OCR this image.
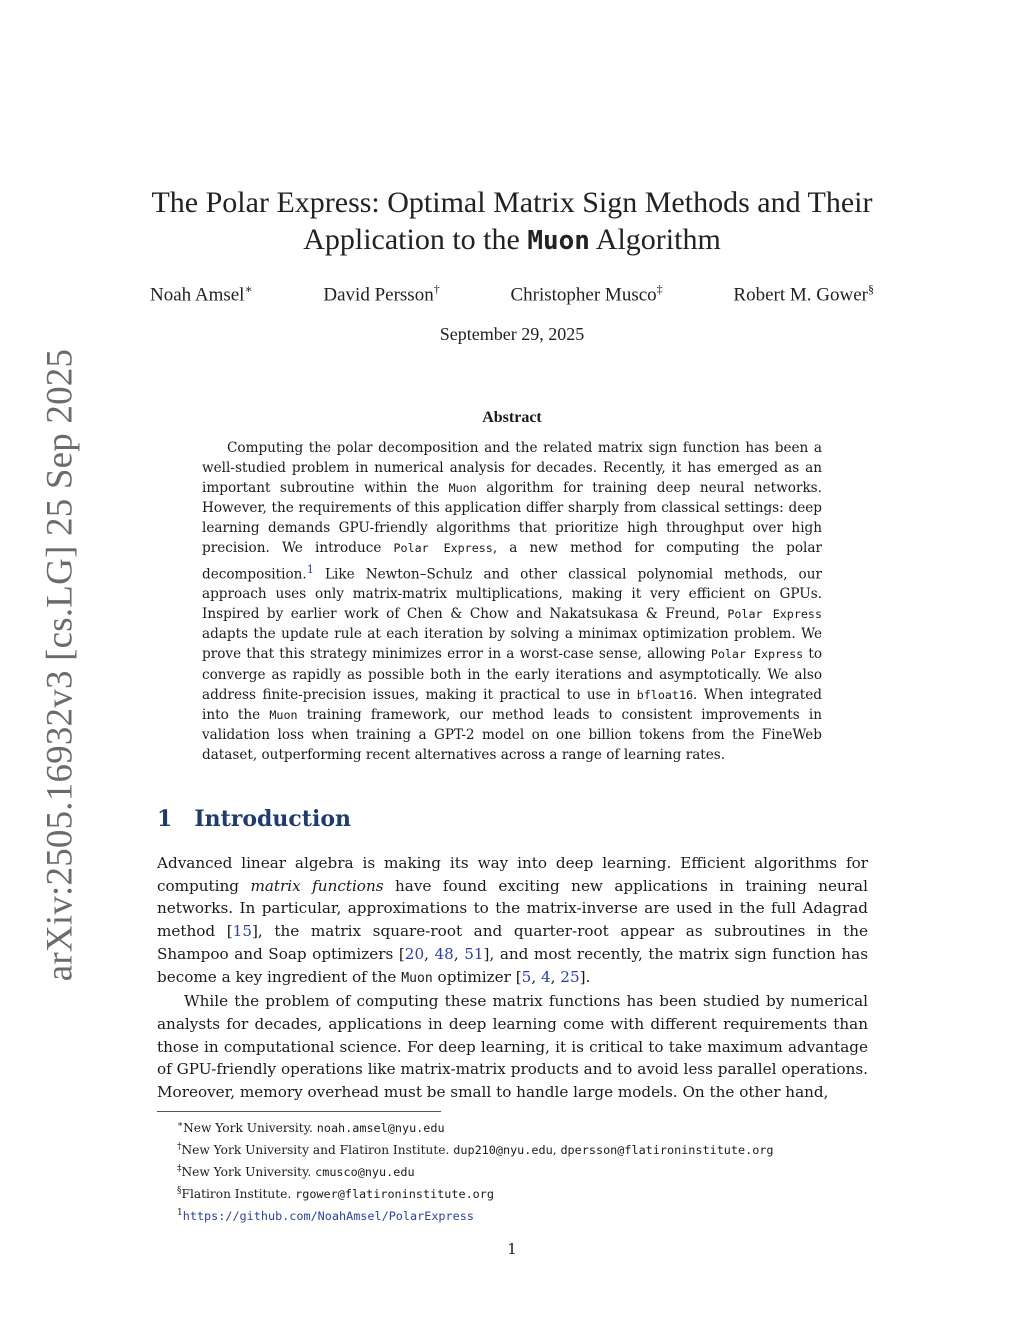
arXiv:2505.16932v3 [cs.LG] 25 Sep 2025
The Polar Express: Optimal Matrix Sign Methods and Their
Application to the Muon Algorithm
Noah Amsel∗	David Persson†	Christopher Musco‡	Robert M. Gower§
September 29, 2025
Abstract

Computing the polar decomposition and the related matrix sign function has been a well-studied problem in numerical analysis for decades. Recently, it has emerged as an important subroutine within the Muon algorithm for training deep neural networks. However, the requirements of this application differ sharply from classical settings: deep learning demands GPU-friendly algorithms that prioritize high throughput over high precision. We introduce Polar Express, a new method for computing the polar decomposition.$^1$ Like Newton–Schulz and other classical polynomial methods, our approach uses only matrix-matrix multiplications, making it very efficient on GPUs. Inspired by earlier work of Chen & Chow and Nakatsukasa & Freund, Polar Express adapts the update rule at each iteration by solving a minimax optimization problem. We prove that this strategy minimizes error in a worst-case sense, allowing Polar Express to converge as rapidly as possible both in the early iterations and asymptotically. We also address finite-precision issues, making it practical to use in bfloat16. When integrated into the Muon training framework, our method leads to consistent improvements in validation loss when training a GPT-2 model on one billion tokens from the FineWeb dataset, outperforming recent alternatives across a range of learning rates.

1 Introduction

Advanced linear algebra is making its way into deep learning. Efficient algorithms for computing matrix functions have found exciting new applications in training neural networks. In particular, approximations to the matrix-inverse are used in the full Adagrad method [15], the matrix square-root and quarter-root appear as subroutines in the Shampoo and Soap optimizers [20, 48, 51], and most recently, the matrix sign function has become a key ingredient of the Muon optimizer [5, 4, 25].

While the problem of computing these matrix functions has been studied by numerical analysts for decades, applications in deep learning come with different requirements than those in computational science. For deep learning, it is critical to take maximum advantage of GPU-friendly operations like matrix-matrix products and to avoid less parallel operations. Moreover, memory overhead must be small to handle large models. On the other hand,

∗New York University. noah.amsel@nyu.edu
†New York University and Flatiron Institute. dup210@nyu.edu, dpersson@flatironinstitute.org
‡New York University. cmusco@nyu.edu
§Flatiron Institute. rgower@flatironinstitute.org
$^1$https://github.com/NoahAmsel/PolarExpress
1
